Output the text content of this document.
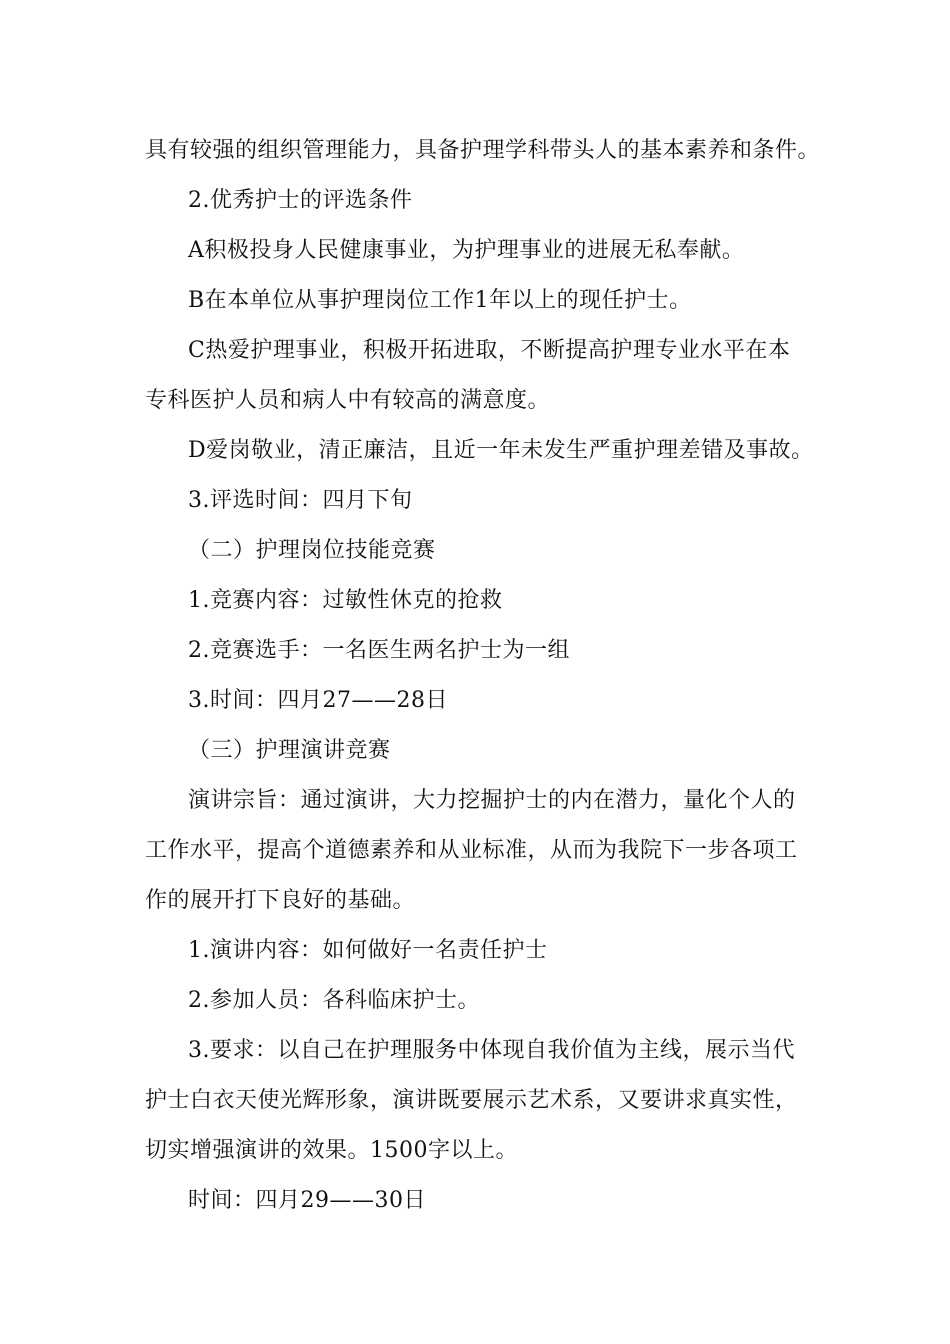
具有较强的组织管理能力，具备护理学科带头人的基本素养和条件。
2.优秀护士的评选条件
A积极投身人民健康事业，为护理事业的进展无私奉献。
B在本单位从事护理岗位工作1年以上的现任护士。
C热爱护理事业，积极开拓进取，不断提高护理专业水平在本
专科医护人员和病人中有较高的满意度。
D爱岗敬业，清正廉洁，且近一年未发生严重护理差错及事故。
3.评选时间：四月下旬
（二）护理岗位技能竞赛
1.竞赛内容：过敏性休克的抢救
2.竞赛选手：一名医生两名护士为一组
3.时间：四月27——28日
（三）护理演讲竞赛
演讲宗旨：通过演讲，大力挖掘护士的内在潜力，量化个人的
工作水平，提高个道德素养和从业标准，从而为我院下一步各项工
作的展开打下良好的基础。
1.演讲内容：如何做好一名责任护士
2.参加人员：各科临床护士。
3.要求：以自己在护理服务中体现自我价值为主线，展示当代
护士白衣天使光辉形象，演讲既要展示艺术系，又要讲求真实性，
切实增强演讲的效果。1500字以上。
时间：四月29——30日
